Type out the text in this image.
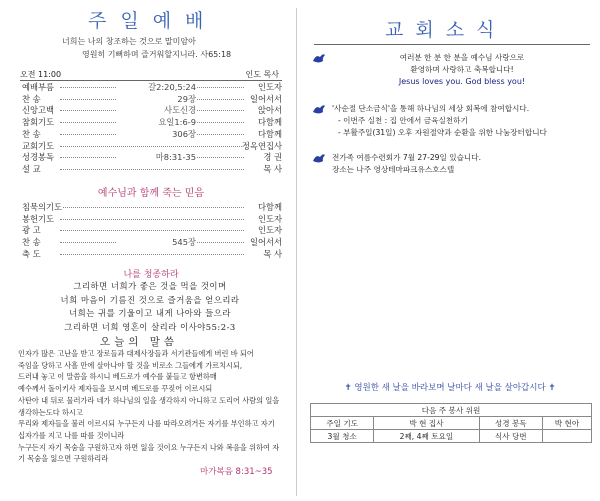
주일예배
너희는 나의 창조하는 것으로 말미암아
영원히 기뻐하며 즐거워할지니라. 사65:18
오전 11:00	인도 목사
예배부름	갈2:20,5:24	인도자
찬 송	29장	일어서서
신앙고백	사도신경	앉아서
참회기도	요일1:6-9	다함께
찬 송	306장	다함께
교회기도	정옥연집사
성경봉독	마8:31-35	경 권
설 교	목 사
예수님과 함께 죽는 믿음
침묵의기도	다함께
봉헌기도	인도자
광 고	인도자
찬 송	545장	일어서서
축 도	목 사
나를 청종하라
그리하면 너희가 좋은 것을 먹을 것이며
너희 마음이 기름진 것으로 즐거움을 얻으리라
너희는 귀를 기울이고 내게 나아와 들으라
그리하면 너희 영혼이 살리라 이사야55:2-3
오늘의 말씀
인자가 많은 고난을 받고 장로들과 대제사장들과 서기관들에게 버린 바 되어
죽임을 당하고 사흘 만에 살아나야 할 것을 비로소 그들에게 가르치시되,
드러내 놓고 이 말씀을 하시니 베드로가 예수를 붙들고 항변하매
예수께서 돌이키사 제자들을 보시며 베드로를 꾸짖어 이르시되
사탄아 내 뒤로 물러가라 네가 하나님의 일을 생각하지 아니하고 도리어 사람의 일을
생각하는도다 하시고
무리와 제자들을 불러 이르시되 누구든지 나를 따라오려거든 자기를 부인하고 자기
십자가를 지고 나를 따를 것이니라
누구든지 자기 목숨을 구원하고자 하면 잃을 것이요 누구든지 나와 복음을 위하여 자
기 목숨을 잃으면 구원하리라
마가복음 8:31~35
교회소식
여러분 한 분 한 분을 예수님 사랑으로
환영하며 사랑하고 축복합니다!
Jesus loves you. God bless you!
'사순절 단소금식'을 통해 하나님의 세상 회복에 참여합시다.
- 이번주 실천 : 집 안에서 금육실천하기
- 부활주일(31일) 오후 자원절약과 순환을 위한 나눔장터합니다
전가족 여름수련회가 7월 27-29일 있습니다.
장소는 나주 영상테마파크유스호스텔
✝ 영원한 새 날을 바라보며 날마다 새 날을 살아갑시다 ✝
다음 주 봉사 위원			
주일 기도	박 현 집사	성경 봉독	박 현아
3월 청소	2째, 4째 토요일	식사 당번	
